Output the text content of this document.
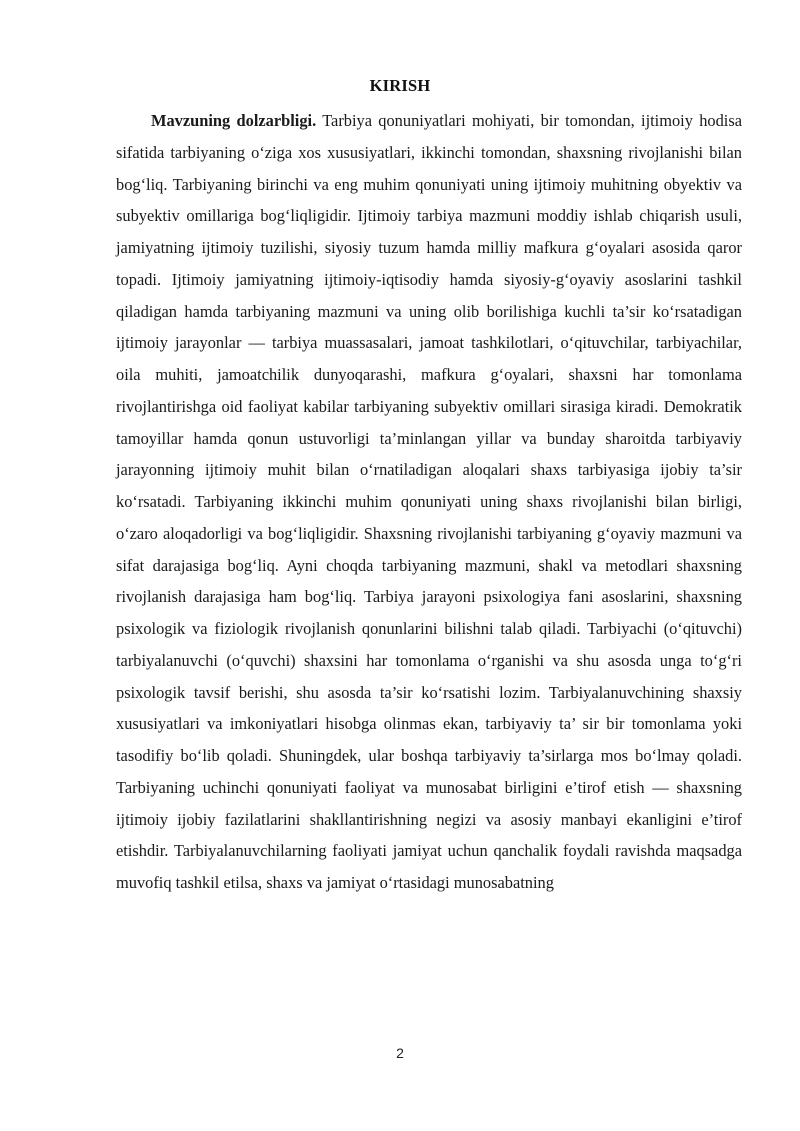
KIRISH

Mavzuning dolzarbligi. Tarbiya qonuniyatlari mohiyati, bir tomondan, ijtimoiy hodisa sifatida tarbiyaning o‘ziga xos xususiyatlari, ikkinchi tomondan, shaxsning rivojlanishi bilan bog‘liq. Tarbiyaning birinchi va eng muhim qonuniyati uning ijtimoiy muhitning obyektiv va subyektiv omillariga bog‘liqligidir. Ijtimoiy tarbiya mazmuni moddiy ishlab chiqarish usuli, jamiyatning ijtimoiy tuzilishi, siyosiy tuzum hamda milliy mafkura g‘oyalari asosida qaror topadi. Ijtimoiy jamiyatning ijtimoiy-iqtisodiy hamda siyosiy-g‘oyaviy asoslarini tashkil qiladigan hamda tarbiyaning mazmuni va uning olib borilishiga kuchli ta’sir ko‘rsatadigan ijtimoiy jarayonlar — tarbiya muassasalari, jamoat tashkilotlari, o‘qituvchilar, tarbiyachilar, oila muhiti, jamoatchilik dunyoqarashi, mafkura g‘oyalari, shaxsni har tomonlama rivojlantirishga oid faoliyat kabilar tarbiyaning subyektiv omillari sirasiga kiradi. Demokratik tamoyillar hamda qonun ustuvorligi ta’minlangan yillar va bunday sharoitda tarbiyaviy jarayonning ijtimoiy muhit bilan o‘rnatiladigan aloqalari shaxs tarbiyasiga ijobiy ta’sir ko‘rsatadi. Tarbiyaning ikkinchi muhim qonuniyati uning shaxs rivojlanishi bilan birligi, o‘zaro aloqadorligi va bog‘liqligidir. Shaxsning rivojlanishi tarbiyaning g‘oyaviy mazmuni va sifat darajasiga bog‘liq. Ayni choqda tarbiyaning mazmuni, shakl va metodlari shaxsning rivojlanish darajasiga ham bog‘liq. Tarbiya jarayoni psixologiya fani asoslarini, shaxsning psixologik va fiziologik rivojlanish qonunlarini bilishni talab qiladi. Tarbiyachi (o‘qituvchi) tarbiyalanuvchi (o‘quvchi) shaxsini har tomonlama o‘rganishi va shu asosda unga to‘g‘ri psixologik tavsif berishi, shu asosda ta’sir ko‘rsatishi lozim. Tarbiyalanuvchining shaxsiy xususiyatlari va imkoniyatlari hisobga olinmas ekan, tarbiyaviy ta’ sir bir tomonlama yoki tasodifiy bo‘lib qoladi. Shuningdek, ular boshqa tarbiyaviy ta’sirlarga mos bo‘lmay qoladi. Tarbiyaning uchinchi qonuniyati faoliyat va munosabat birligini e’tirof etish — shaxsning ijtimoiy ijobiy fazilatlarini shakllantirishning negizi va asosiy manbayi ekanligini e’tirof etishdir. Tarbiyalanuvchilarning faoliyati jamiyat uchun qanchalik foydali ravishda maqsadga muvofiq tashkil etilsa, shaxs va jamiyat o‘rtasidagi munosabatning

2
